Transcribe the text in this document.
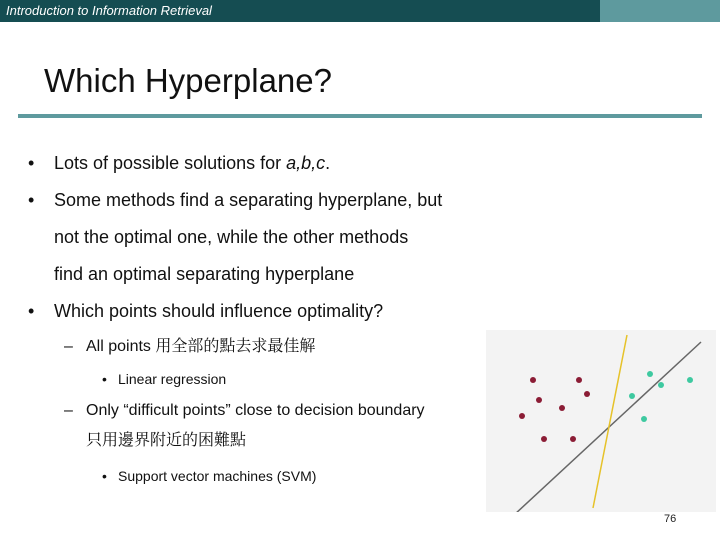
Introduction to Information Retrieval
Which Hyperplane?
• Lots of possible solutions for a,b,c.
• Some methods find a separating hyperplane, but
not the optimal one, while the other methods
find an optimal separating hyperplane
• Which points should influence optimality?
– All points 用全部的點去求最佳解
• Linear regression
– Only “difficult points” close to decision boundary
只用邊界附近的困難點
• Support vector machines (SVM)
76
